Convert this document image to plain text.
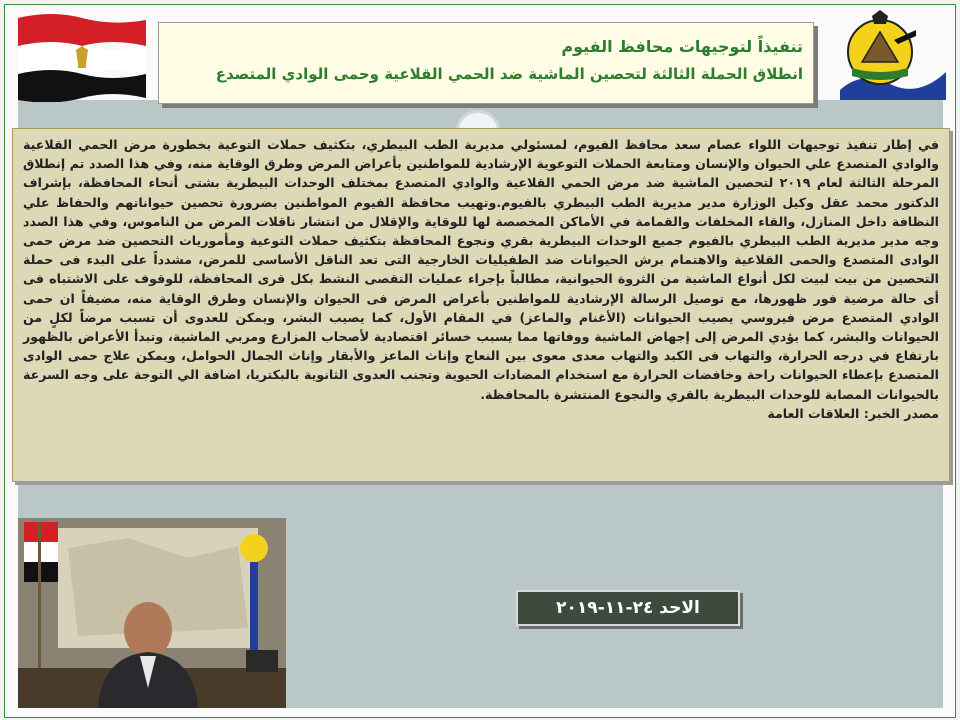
تنفيذاً لتوجيهات محافظ الفيوم
انطلاق الحملة الثالثة لتحصين الماشية ضد الحمي القلاعية وحمى الوادي المتصدع

في إطار تنفيذ توجيهات اللواء عصام سعد محافظ الفيوم، لمسئولي مديرية الطب البيطري، بتكثيف حملات التوعية بخطورة مرض الحمي القلاعية والوادي المتصدع علي الحيوان والإنسان ومتابعة الحملات التوعوية الإرشادية للمواطنين بأعراض المرض وطرق الوقاية منه، وفي هذا الصدد تم إنطلاق المرحلة الثالثة لعام ٢٠١٩ لتحصين الماشية ضد مرض الحمي القلاعية والوادي المتصدع بمختلف الوحدات البيطرية بشتى أنحاء المحافظة، بإشراف الدكتور محمد عقل وكيل الوزارة مدير مديرية الطب البيطري بالفيوم.وتهيب محافظة الفيوم المواطنين بضرورة تحصين حيواناتهم والحفاظ علي النظافة داخل المنازل، والقاء المخلفات والقمامة في الأماكن المخصصة لها للوقاية والإقلال من انتشار ناقلات المرض من الناموس، وفي هذا الصدد وجه مدير مديرية الطب البيطري بالفيوم جميع الوحدات البيطرية بقري ونجوع المحافظة بتكثيف حملات التوعية ومأموريات التحصين ضد مرض حمى الوادى المتصدع والحمى القلاعية والاهتمام برش الحيوانات ضد الطفيليات الخارجية التى تعد الناقل الأساسى للمرض، مشدداً على البدء فى حملة التحصين من بيت لبيت لكل أنواع الماشية من الثروة الحيوانية، مطالباً بإجراء عمليات التقصى النشط بكل قرى المحافظة، للوقوف على الاشتباه فى أى حالة مرضية فور ظهورها، مع توصيل الرسالة الإرشادية للمواطنين بأعراض المرض فى الحيوان والإنسان وطرق الوقاية منه، مضيفاً ان حمى الوادي المتصدع مرض فيروسي يصيب الحيوانات (الأغنام والماعز) في المقام الأول، كما يصيب البشر، ويمكن للعدوى أن تسبب مرضاً لكلٍ من الحيوانات والبشر، كما يؤدي المرض إلى إجهاض الماشية ووفاتها مما يسبب خسائر اقتصادية لأصحاب المزارع ومربي الماشية، وتبدأ الأعراض بالظهور بارتفاع في درجه الحرارة، والتهاب فى الكبد والتهاب معدى معوى بين النعاج وإناث الماعز والأبقار وإناث الجمال الحوامل، ويمكن علاج حمى الوادى المتصدع بإعطاء الحيوانات راحة وخافضات الحرارة مع استخدام المضادات الحيوية وتجنب العدوى الثانوية بالبكتريا، اضافة الي التوجة على وجه السرعة بالحيوانات المصابة للوحدات البيطرية بالقري والنجوع المنتشرة بالمحافظة.

مصدر الخبر: العلاقات العامة

الاحد ٢٤-١١-٢٠١٩
